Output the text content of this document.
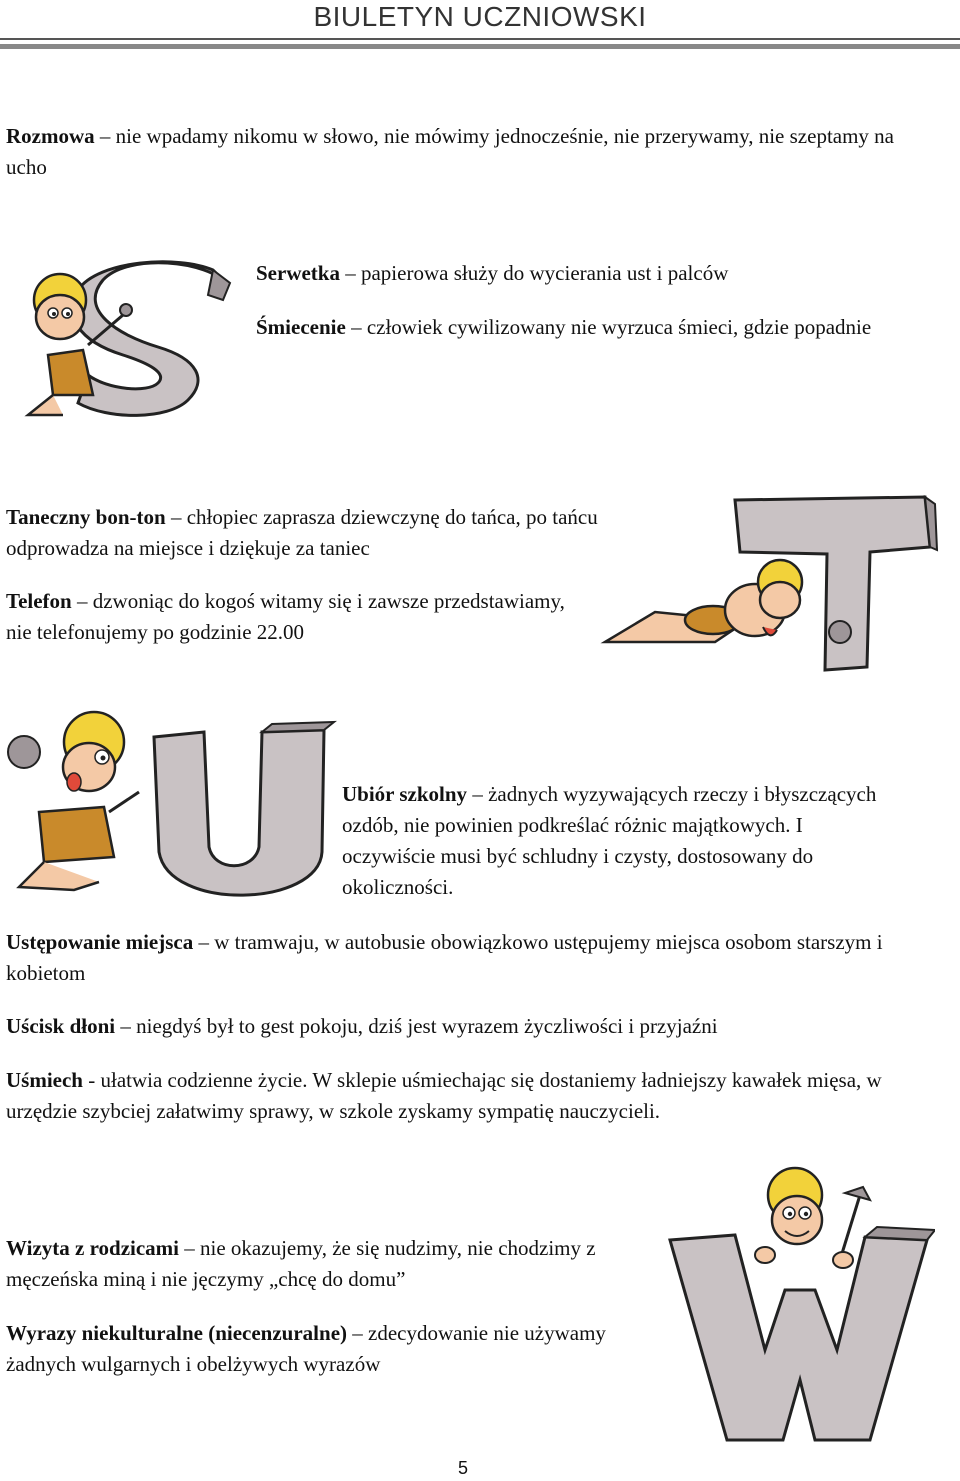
BIULETYN UCZNIOWSKI

Rozmowa – nie wpadamy nikomu w słowo, nie mówimy jednocześnie, nie przerywamy, nie szeptamy na ucho

Serwetka – papierowa służy do wycierania ust i palców

Śmiecenie – człowiek cywilizowany nie wyrzuca śmieci, gdzie popadnie

Taneczny bon-ton – chłopiec zaprasza dziewczynę do tańca, po tańcu odprowadza na miejsce i dziękuje za taniec

Telefon – dzwoniąc do kogoś witamy się i zawsze przedstawiamy, nie telefonujemy po godzinie 22.00

U	Ubiór szkolny – żadnych wyzywających rzeczy i błyszczących ozdób, nie powinien podkreślać różnic majątkowych. I oczywiście musi być schludny i czysty, dostosowany do okoliczności.

Ustępowanie miejsca – w tramwaju, w autobusie obowiązkowo ustępujemy miejsca osobom starszym i kobietom

Uścisk dłoni – niegdyś był to gest pokoju, dziś jest wyrazem życzliwości i przyjaźni

Uśmiech - ułatwia codzienne życie. W sklepie uśmiechając się dostaniemy ładniejszy kawałek mięsa, w urzędzie szybciej załatwimy sprawy, w szkole zyskamy sympatię nauczycieli.

Wizyta z rodzicami – nie okazujemy, że się nudzimy, nie chodzimy z męczeńska miną i nie jęczymy „chcę do domu”

Wyrazy niekulturalne (niecenzuralne) – zdecydowanie nie używamy żadnych wulgarnych i obelżywych wyrazów

5
